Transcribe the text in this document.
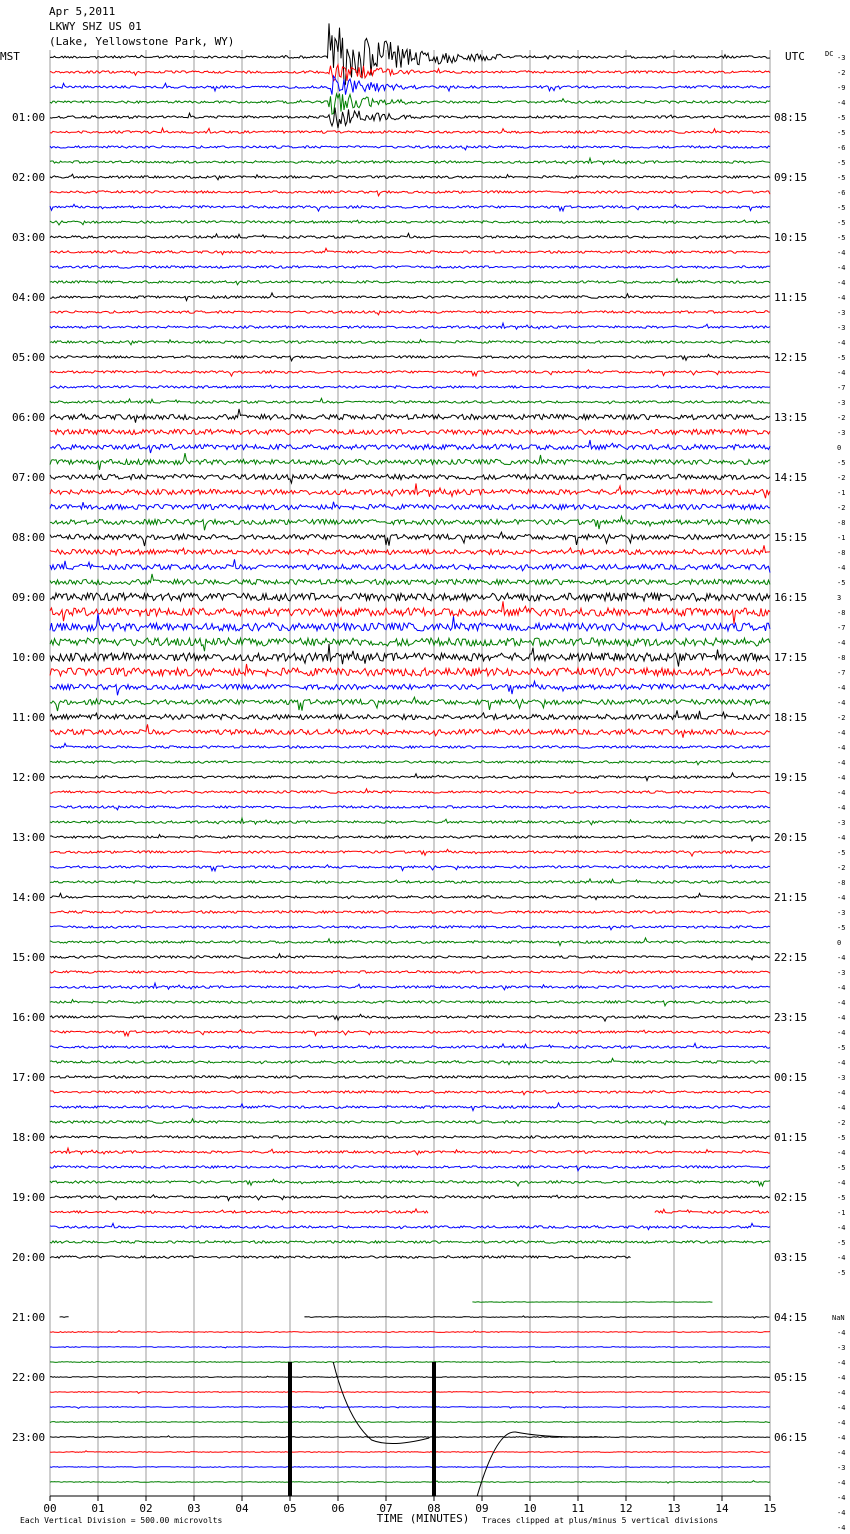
Apr 5,2011
LKWY SHZ US 01
(Lake, Yellowstone Park, WY)
00	01	02	03	04	05	06	07	08	09	10	11	12	13	14	15
MST	UTC
01:00	08:15
02:00	09:15
03:00	10:15
04:00	11:15
05:00	12:15
06:00	13:15
07:00	14:15
08:00	15:15
09:00	16:15
10:00	17:15
11:00	18:15
12:00	19:15
13:00	20:15
14:00	21:15
15:00	22:15
16:00	23:15
17:00	00:15
18:00	01:15
19:00	02:15
20:00	03:15
21:00	04:15
22:00	05:15
23:00	06:15
DC -3
-2
-9
-4
-5
-5
-6
-5
-5
-6
-5
-5
-5
-4
-4
-4
-4
-3
-3
-4
-5
-4
-7
-3
-2
-3
0
-5
-2
-1
-2
-8
-1
-8
-4
-5
3
-8
-7
-4
-8
-7
-4
-4
-2
-4
-4
-4
-4
-4
-4
-3
-4
-5
-2
-8
-4
-3
-5
0
-4
-3
-4
-4
-4
-4
-5
-4
-3
-4
-4
-2
-5
-4
-5
-4
-5
-1
-4
-5
-4
-5
NaN
-4
-3
-4
-4
-4
-4
-4
-4
-4
-3
-4
-4
-4
-4
TIME (MINUTES)
Each Vertical Division = 500.00 microvolts	Traces clipped at plus/minus 5 vertical divisions
